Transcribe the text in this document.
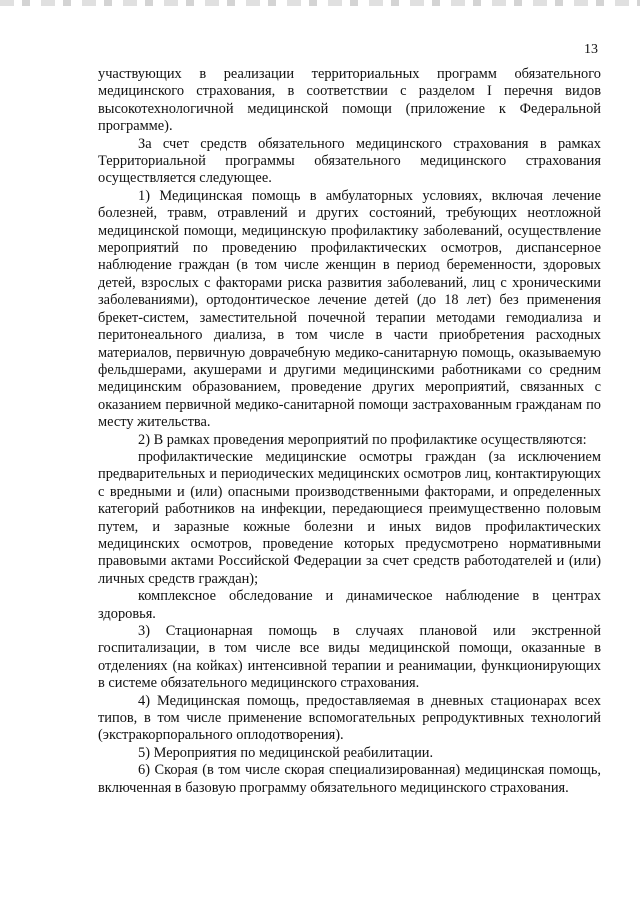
13

участвующих в реализации территориальных программ обязательного медицинского страхования, в соответствии с разделом I перечня видов высокотехнологичной медицинской помощи (приложение к Федеральной программе).

За счет средств обязательного медицинского страхования в рамках Территориальной программы обязательного медицинского страхования осуществляется следующее.

1) Медицинская помощь в амбулаторных условиях, включая лечение болезней, травм, отравлений и других состояний, требующих неотложной медицинской помощи, медицинскую профилактику заболеваний, осуществление мероприятий по проведению профилактических осмотров, диспансерное наблюдение граждан (в том числе женщин в период беременности, здоровых детей, взрослых с факторами риска развития заболеваний, лиц с хроническими заболеваниями), ортодонтическое лечение детей (до 18 лет) без применения брекет-систем, заместительной почечной терапии методами гемодиализа и перитонеального диализа, в том числе в части приобретения расходных материалов, первичную доврачебную медико-санитарную помощь, оказываемую фельдшерами, акушерами и другими медицинскими работниками со средним медицинским образованием, проведение других мероприятий, связанных с оказанием первичной медико-санитарной помощи застрахованным гражданам по месту жительства.

2) В рамках проведения мероприятий по профилактике осуществляются:

профилактические медицинские осмотры граждан (за исключением предварительных и периодических медицинских осмотров лиц, контактирующих с вредными и (или) опасными производственными факторами, и определенных категорий работников на инфекции, передающиеся преимущественно половым путем, и заразные кожные болезни и иных видов профилактических медицинских осмотров, проведение которых предусмотрено нормативными правовыми актами Российской Федерации за счет средств работодателей и (или) личных средств граждан);

комплексное обследование и динамическое наблюдение в центрах здоровья.

3) Стационарная помощь в случаях плановой или экстренной госпитализации, в том числе все виды медицинской помощи, оказанные в отделениях (на койках) интенсивной терапии и реанимации, функционирующих в системе обязательного медицинского страхования.

4) Медицинская помощь, предоставляемая в дневных стационарах всех типов, в том числе применение вспомогательных репродуктивных технологий (экстракорпорального оплодотворения).

5) Мероприятия по медицинской реабилитации.

6) Скорая (в том числе скорая специализированная) медицинская помощь, включенная в базовую программу обязательного медицинского страхования.
